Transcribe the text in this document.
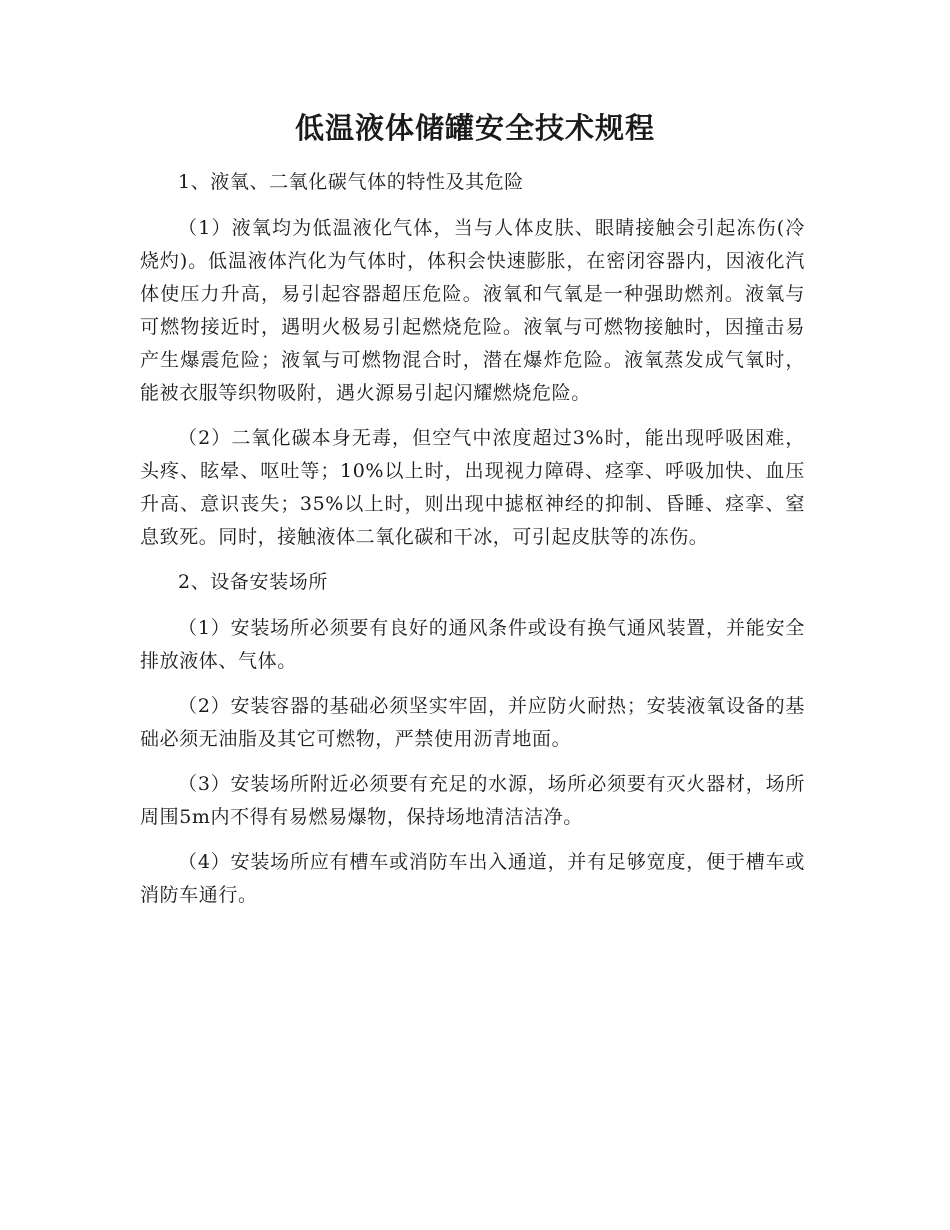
低温液体储罐安全技术规程

1、液氧、二氧化碳气体的特性及其危险

（1）液氧均为低温液化气体，当与人体皮肤、眼睛接触会引起冻伤(冷烧灼)。低温液体汽化为气体时，体积会快速膨胀，在密闭容器内，因液化汽体使压力升高，易引起容器超压危险。液氧和气氧是一种强助燃剂。液氧与可燃物接近时，遇明火极易引起燃烧危险。液氧与可燃物接触时，因撞击易产生爆震危险；液氧与可燃物混合时，潜在爆炸危险。液氧蒸发成气氧时，能被衣服等织物吸附，遇火源易引起闪耀燃烧危险。

（2）二氧化碳本身无毒，但空气中浓度超过3%时，能出现呼吸困难，头疼、眩晕、呕吐等；10%以上时，出现视力障碍、痉挛、呼吸加快、血压升高、意识丧失；35%以上时，则出现中摅枢神经的抑制、昏睡、痉挛、窒息致死。同时，接触液体二氧化碳和干冰，可引起皮肤等的冻伤。

2、设备安装场所

（1）安装场所必须要有良好的通风条件或设有换气通风装置，并能安全排放液体、气体。

（2）安装容器的基础必须坚实牢固，并应防火耐热；安装液氧设备的基础必须无油脂及其它可燃物，严禁使用沥青地面。

（3）安装场所附近必须要有充足的水源，场所必须要有灭火器材，场所周围5m内不得有易燃易爆物，保持场地清洁洁净。

（4）安装场所应有槽车或消防车出入通道，并有足够宽度，便于槽车或消防车通行。
